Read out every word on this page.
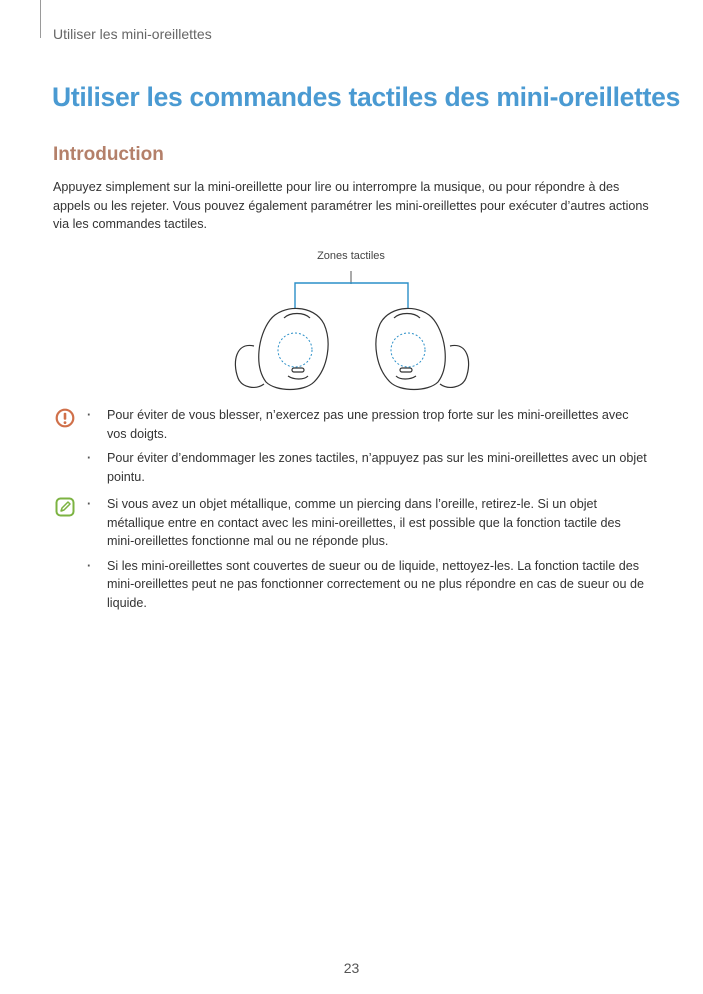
Utiliser les mini-oreillettes
Utiliser les commandes tactiles des mini-oreillettes
Introduction

Appuyez simplement sur la mini-oreillette pour lire ou interrompre la musique, ou pour répondre à des appels ou les rejeter. Vous pouvez également paramétrer les mini-oreillettes pour exécuter d’autres actions via les commandes tactiles.

Zones tactiles
· Pour éviter de vous blesser, n’exercez pas une pression trop forte sur les mini-oreillettes avec vos doigts.
· Pour éviter d’endommager les zones tactiles, n’appuyez pas sur les mini-oreillettes avec un objet pointu.
· Si vous avez un objet métallique, comme un piercing dans l’oreille, retirez-le. Si un objet métallique entre en contact avec les mini-oreillettes, il est possible que la fonction tactile des mini-oreillettes fonctionne mal ou ne réponde plus.
· Si les mini-oreillettes sont couvertes de sueur ou de liquide, nettoyez-les. La fonction tactile des mini-oreillettes peut ne pas fonctionner correctement ou ne plus répondre en cas de sueur ou de liquide.
23
